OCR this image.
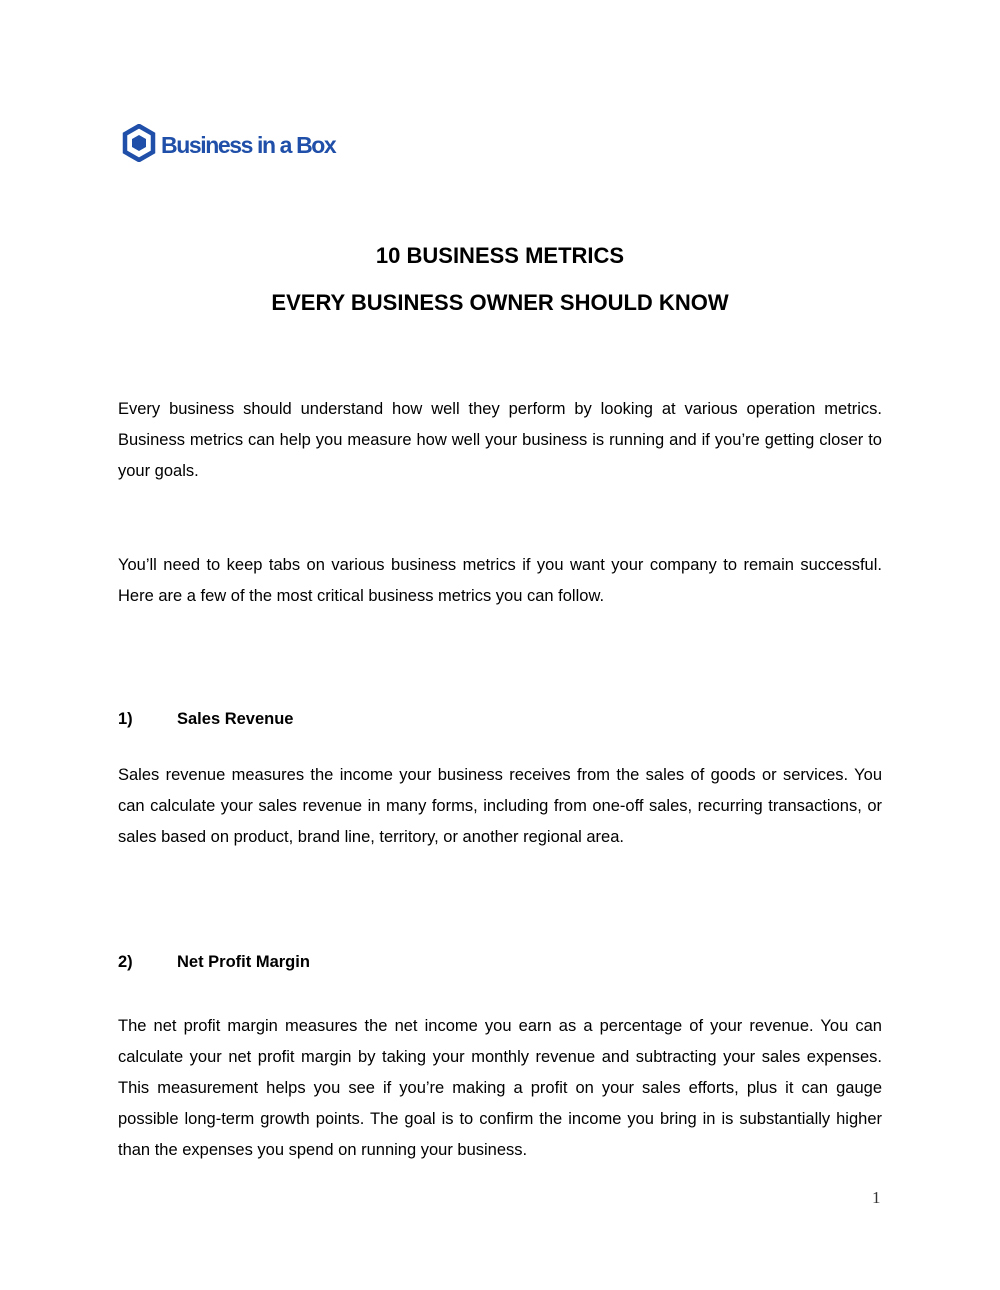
Business in a Box
10 BUSINESS METRICS
EVERY BUSINESS OWNER SHOULD KNOW

Every business should understand how well they perform by looking at various operation metrics. Business metrics can help you measure how well your business is running and if you’re getting closer to your goals.

You’ll need to keep tabs on various business metrics if you want your company to remain successful. Here are a few of the most critical business metrics you can follow.

1)	Sales Revenue

Sales revenue measures the income your business receives from the sales of goods or services. You can calculate your sales revenue in many forms, including from one-off sales, recurring transactions, or sales based on product, brand line, territory, or another regional area.

2)	Net Profit Margin

The net profit margin measures the net income you earn as a percentage of your revenue. You can calculate your net profit margin by taking your monthly revenue and subtracting your sales expenses. This measurement helps you see if you’re making a profit on your sales efforts, plus it can gauge possible long-term growth points. The goal is to confirm the income you bring in is substantially higher than the expenses you spend on running your business.

1
